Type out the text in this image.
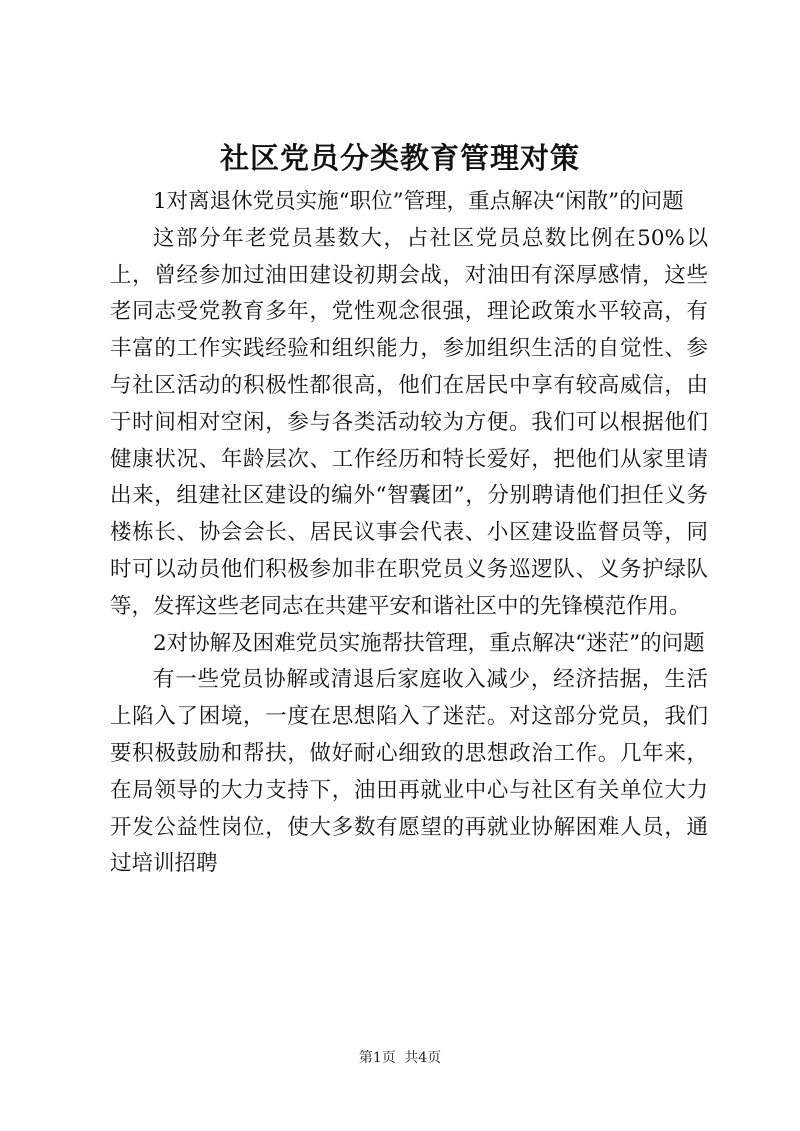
社区党员分类教育管理对策

1对离退休党员实施“职位”管理，重点解决“闲散”的问题

这部分年老党员基数大，占社区党员总数比例在50%以上，曾经参加过油田建设初期会战，对油田有深厚感情，这些老同志受党教育多年，党性观念很强，理论政策水平较高，有丰富的工作实践经验和组织能力，参加组织生活的自觉性、参与社区活动的积极性都很高，他们在居民中享有较高威信，由于时间相对空闲，参与各类活动较为方便。我们可以根据他们健康状况、年龄层次、工作经历和特长爱好，把他们从家里请出来，组建社区建设的编外“智囊团”，分别聘请他们担任义务楼栋长、协会会长、居民议事会代表、小区建设监督员等，同时可以动员他们积极参加非在职党员义务巡逻队、义务护绿队等，发挥这些老同志在共建平安和谐社区中的先锋模范作用。

2对协解及困难党员实施帮扶管理，重点解决“迷茫”的问题

有一些党员协解或清退后家庭收入减少，经济拮据，生活上陷入了困境，一度在思想陷入了迷茫。对这部分党员，我们要积极鼓励和帮扶，做好耐心细致的思想政治工作。几年来，在局领导的大力支持下，油田再就业中心与社区有关单位大力开发公益性岗位，使大多数有愿望的再就业协解困难人员，通过培训招聘

第1页 共4页
